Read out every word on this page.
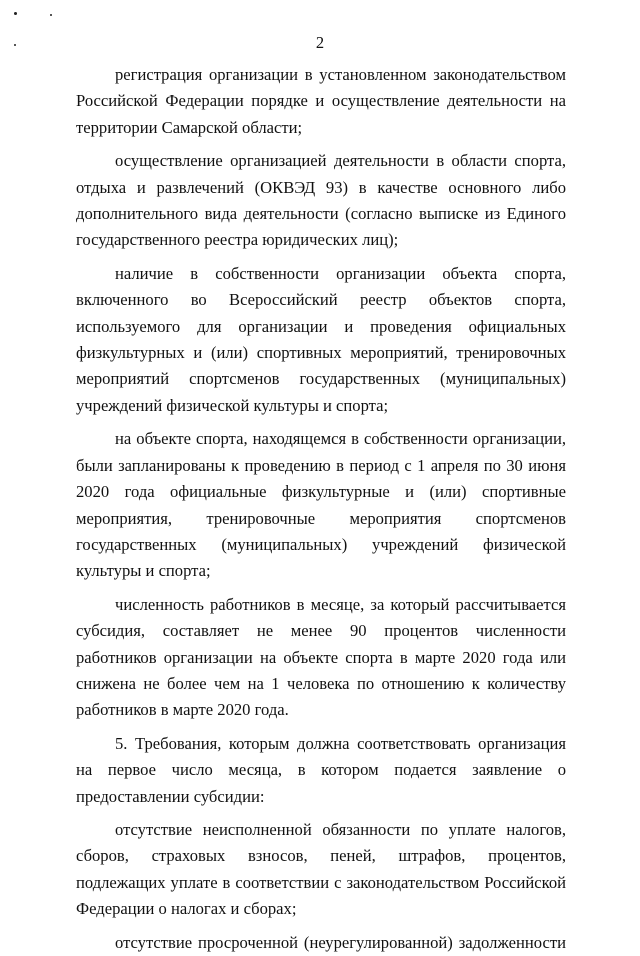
2

регистрация организации в установленном законодательством Российской Федерации порядке и осуществление деятельности на территории Самарской области;

осуществление организацией деятельности в области спорта, отдыха и развлечений (ОКВЭД 93) в качестве основного либо дополнительного вида деятельности (согласно выписке из Единого государственного реестра юридических лиц);

наличие в собственности организации объекта спорта, включенного во Всероссийский реестр объектов спорта, используемого для организации и проведения официальных физкультурных и (или) спортивных мероприятий, тренировочных мероприятий спортсменов государственных (муниципальных) учреждений физической культуры и спорта;

на объекте спорта, находящемся в собственности организации, были запланированы к проведению в период с 1 апреля по 30 июня 2020 года официальные физкультурные и (или) спортивные мероприятия, тренировочные мероприятия спортсменов государственных (муниципальных) учреждений физической культуры и спорта;

численность работников в месяце, за который рассчитывается субсидия, составляет не менее 90 процентов численности работников организации на объекте спорта в марте 2020 года или снижена не более чем на 1 человека по отношению к количеству работников в марте 2020 года.

5. Требования, которым должна соответствовать организация на первое число месяца, в котором подается заявление о предоставлении субсидии:

отсутствие неисполненной обязанности по уплате налогов, сборов, страховых взносов, пеней, штрафов, процентов, подлежащих уплате в соответствии с законодательством Российской Федерации о налогах и сборах;

отсутствие просроченной (неурегулированной) задолженности
